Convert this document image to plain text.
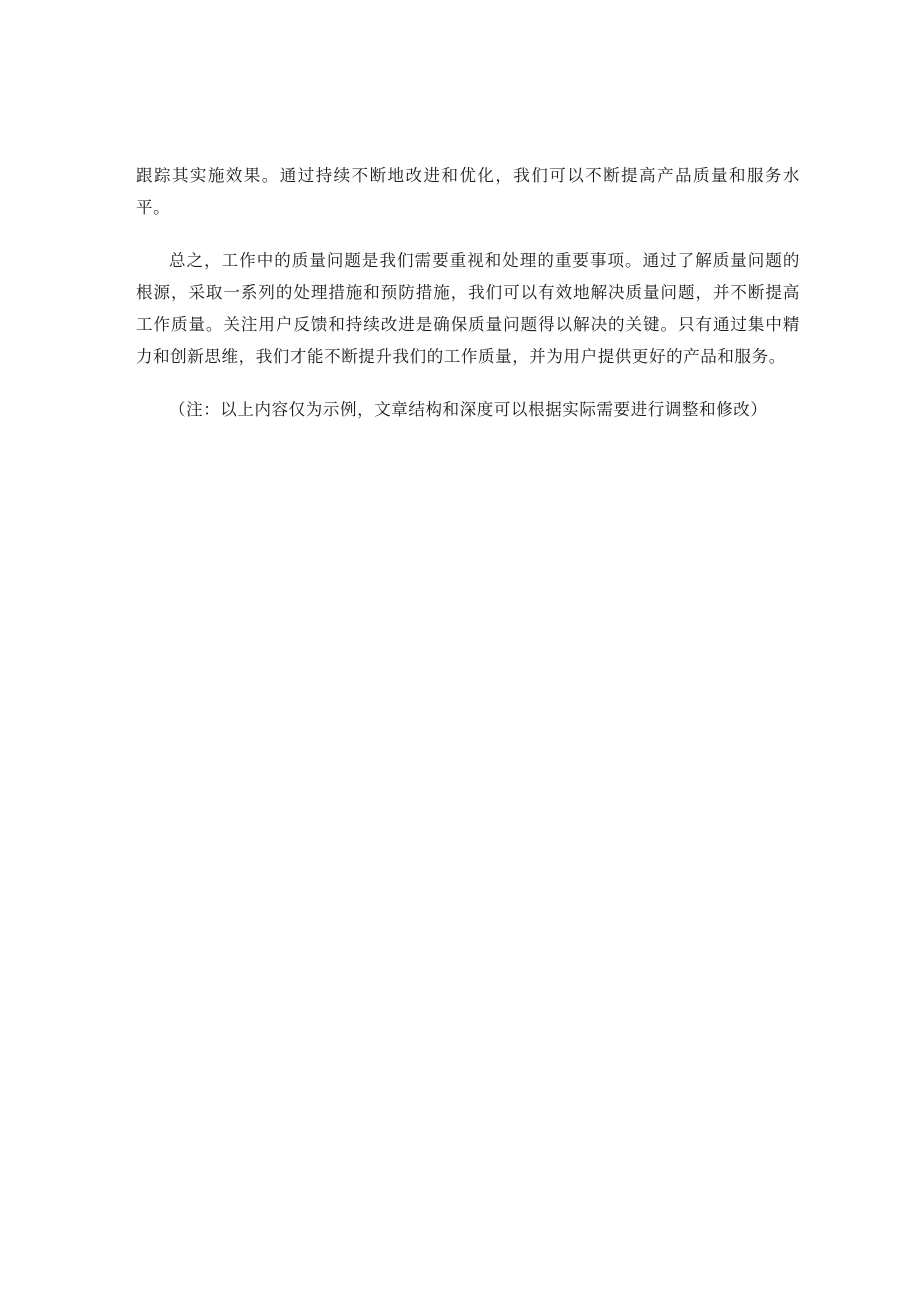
跟踪其实施效果。通过持续不断地改进和优化，我们可以不断提高产品质量和服务水平。

总之，工作中的质量问题是我们需要重视和处理的重要事项。通过了解质量问题的根源，采取一系列的处理措施和预防措施，我们可以有效地解决质量问题，并不断提高工作质量。关注用户反馈和持续改进是确保质量问题得以解决的关键。只有通过集中精力和创新思维，我们才能不断提升我们的工作质量，并为用户提供更好的产品和服务。

（注：以上内容仅为示例，文章结构和深度可以根据实际需要进行调整和修改）
